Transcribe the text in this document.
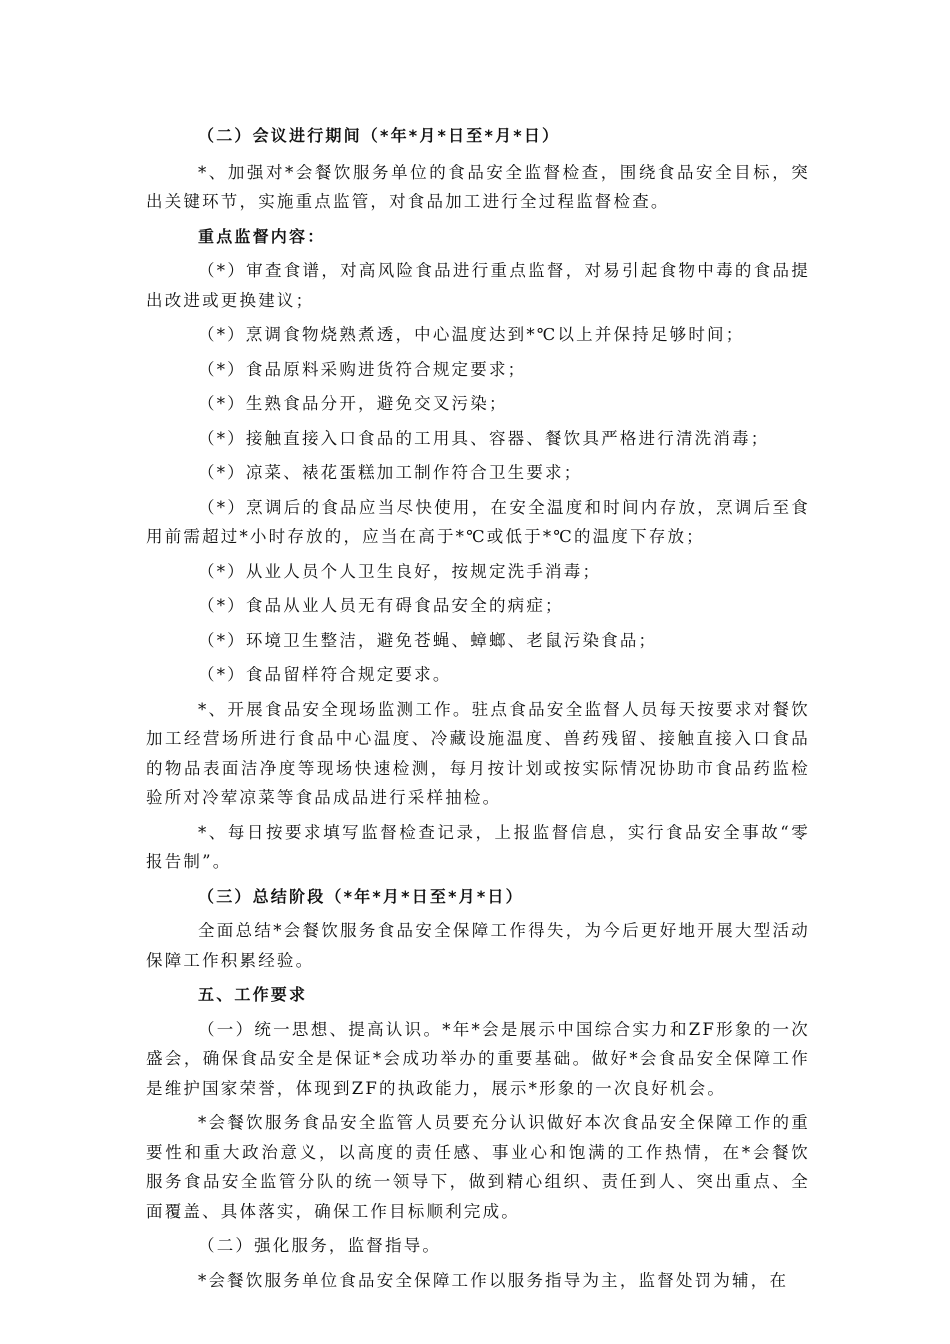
（二）会议进行期间（*年*月*日至*月*日）

*、加强对*会餐饮服务单位的食品安全监督检查，围绕食品安全目标，突出关键环节，实施重点监管，对食品加工进行全过程监督检查。

重点监督内容：

（*）审查食谱，对高风险食品进行重点监督，对易引起食物中毒的食品提出改进或更换建议；

（*）烹调食物烧熟煮透，中心温度达到*℃以上并保持足够时间；

（*）食品原料采购进货符合规定要求；

（*）生熟食品分开，避免交叉污染；

（*）接触直接入口食品的工用具、容器、餐饮具严格进行清洗消毒；

（*）凉菜、裱花蛋糕加工制作符合卫生要求；

（*）烹调后的食品应当尽快使用，在安全温度和时间内存放，烹调后至食用前需超过*小时存放的，应当在高于*℃或低于*℃的温度下存放；

（*）从业人员个人卫生良好，按规定洗手消毒；

（*）食品从业人员无有碍食品安全的病症；

（*）环境卫生整洁，避免苍蝇、蟑螂、老鼠污染食品；

（*）食品留样符合规定要求。

*、开展食品安全现场监测工作。驻点食品安全监督人员每天按要求对餐饮加工经营场所进行食品中心温度、冷藏设施温度、兽药残留、接触直接入口食品的物品表面洁净度等现场快速检测，每月按计划或按实际情况协助市食品药监检验所对冷荤凉菜等食品成品进行采样抽检。

*、每日按要求填写监督检查记录，上报监督信息，实行食品安全事故“零报告制”。

（三）总结阶段（*年*月*日至*月*日）

全面总结*会餐饮服务食品安全保障工作得失，为今后更好地开展大型活动保障工作积累经验。

五、工作要求

（一）统一思想、提高认识。*年*会是展示中国综合实力和ZF形象的一次盛会，确保食品安全是保证*会成功举办的重要基础。做好*会食品安全保障工作是维护国家荣誉，体现到ZF的执政能力，展示*形象的一次良好机会。

*会餐饮服务食品安全监管人员要充分认识做好本次食品安全保障工作的重要性和重大政治意义，以高度的责任感、事业心和饱满的工作热情，在*会餐饮服务食品安全监管分队的统一领导下，做到精心组织、责任到人、突出重点、全面覆盖、具体落实，确保工作目标顺利完成。

（二）强化服务，监督指导。

*会餐饮服务单位食品安全保障工作以服务指导为主，监督处罚为辅，在
